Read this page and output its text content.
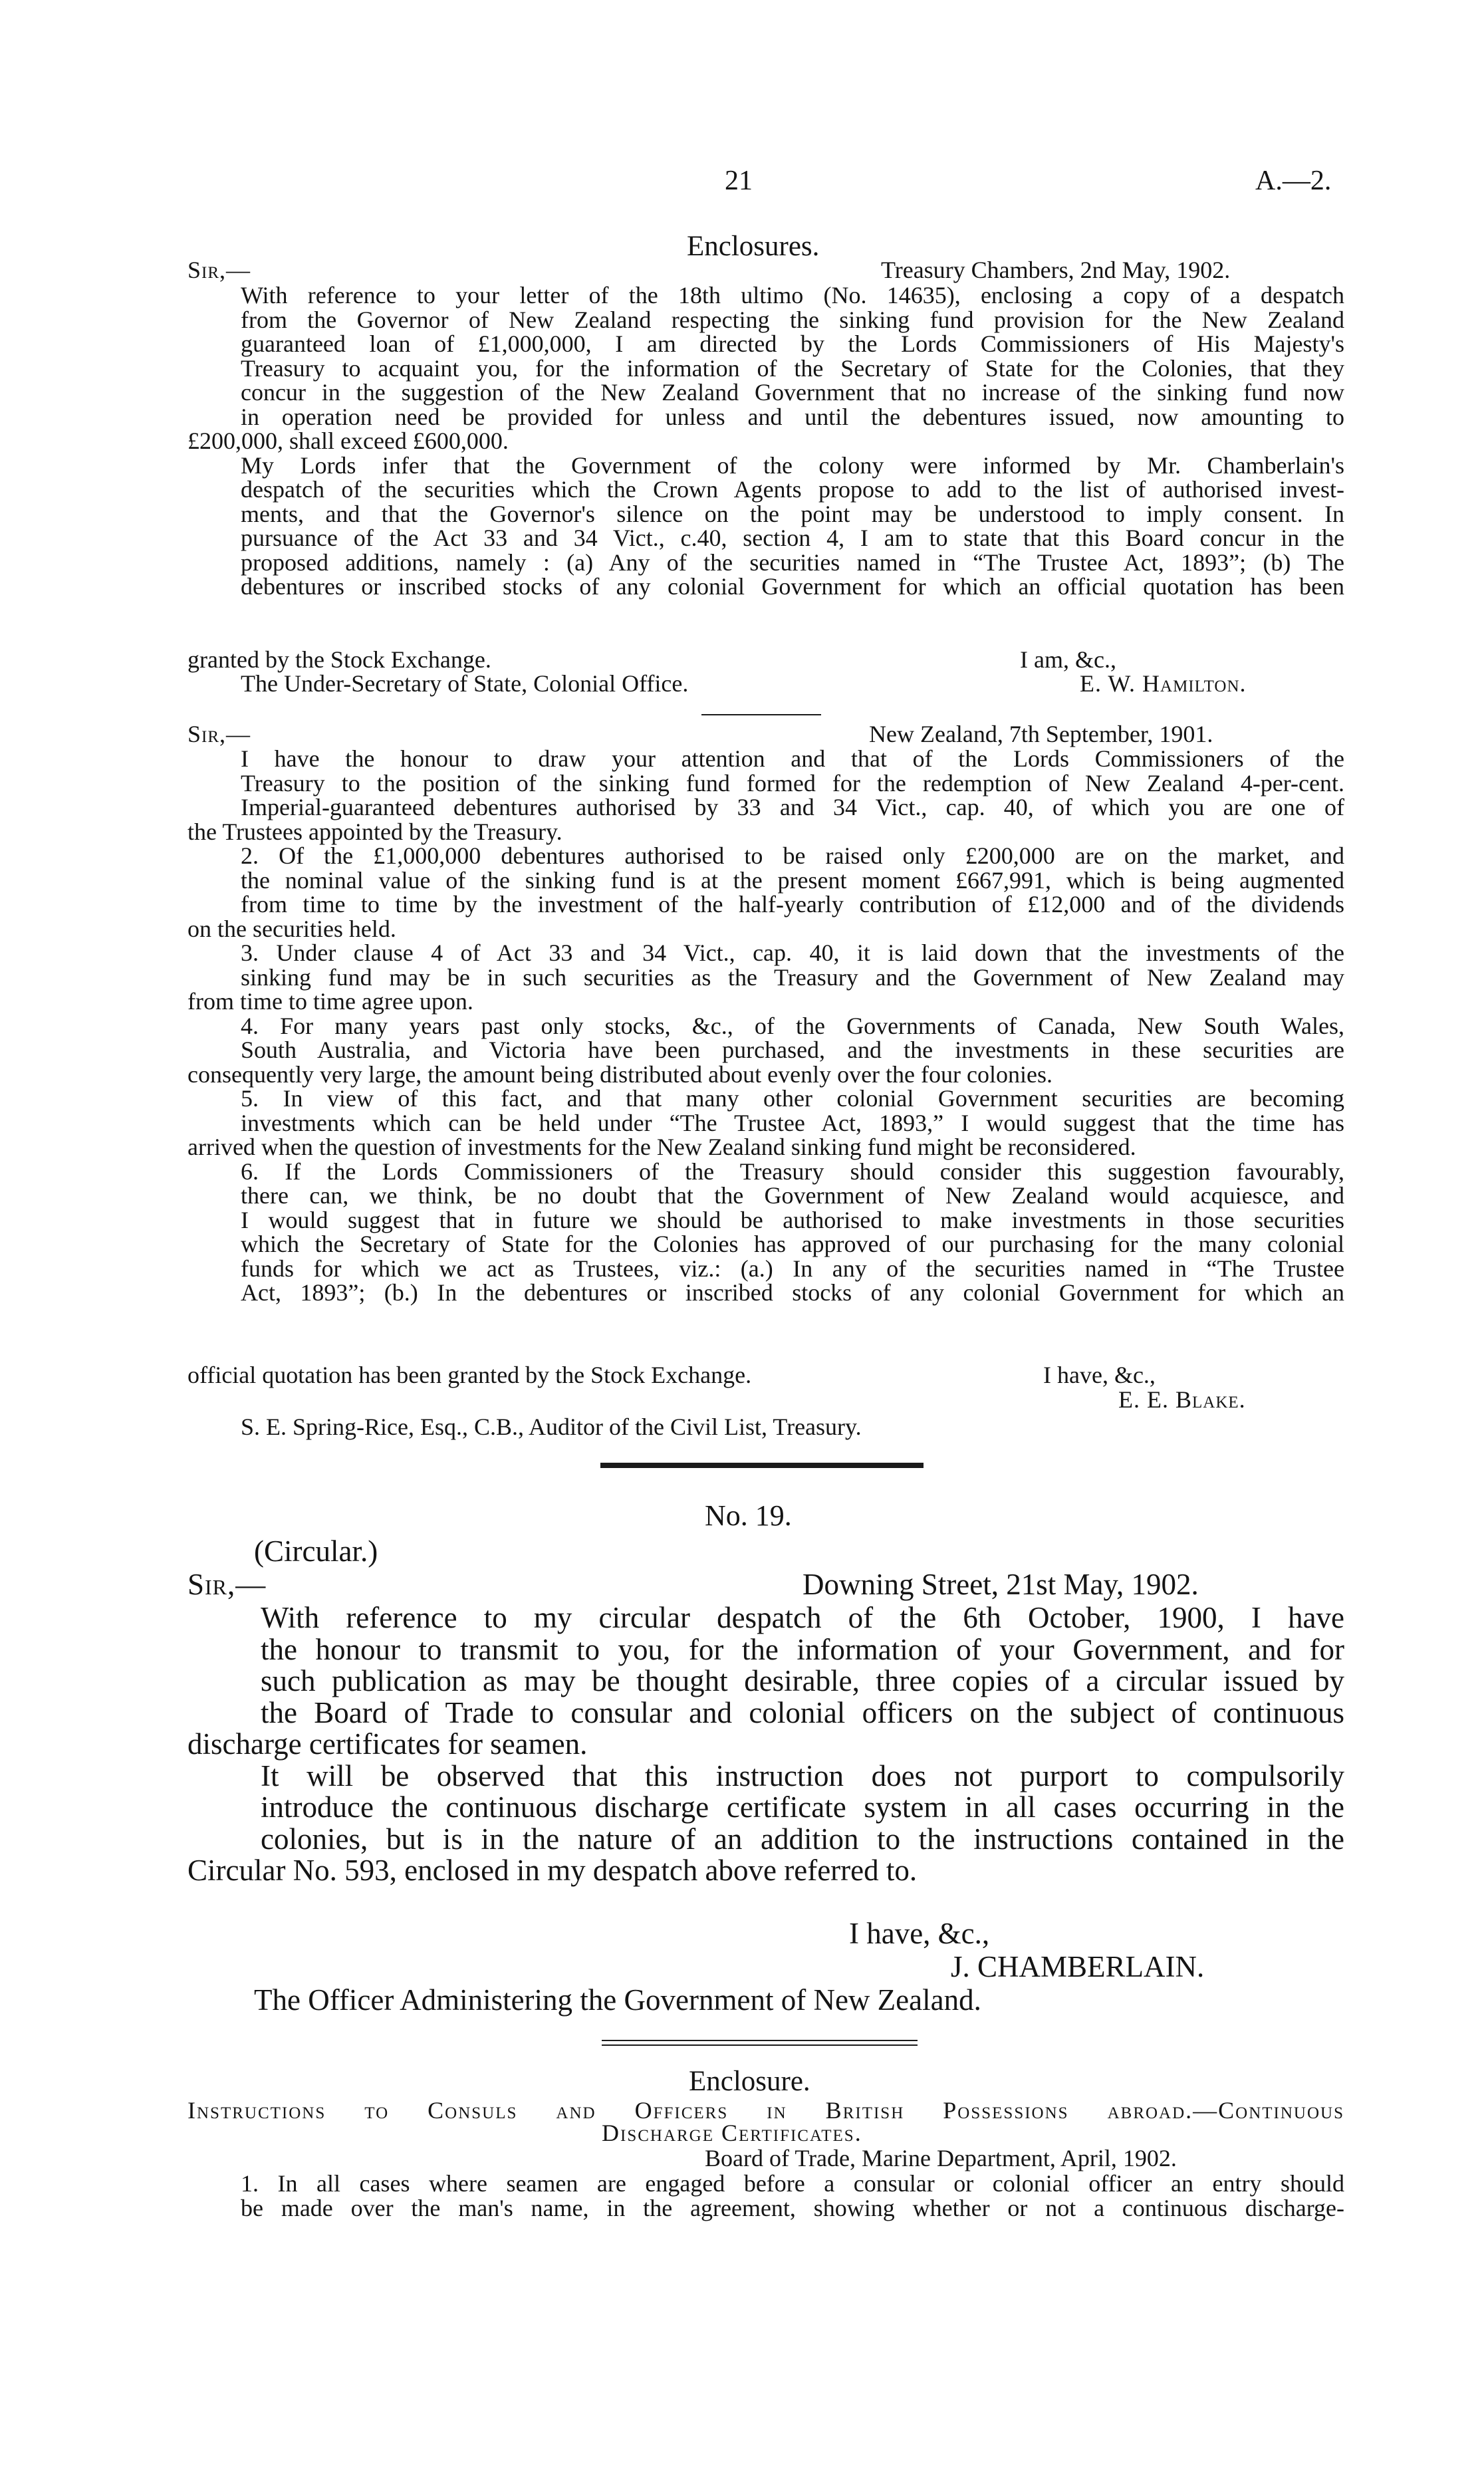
21	A.—2.
Enclosures.
Sir,—	Treasury Chambers, 2nd May, 1902.
With reference to your letter of the 18th ultimo (No. 14635), enclosing a copy of a despatch
from the Governor of New Zealand respecting the sinking fund provision for the New Zealand
guaranteed loan of £1,000,000, I am directed by the Lords Commissioners of His Majesty's
Treasury to acquaint you, for the information of the Secretary of State for the Colonies, that they
concur in the suggestion of the New Zealand Government that no increase of the sinking fund now
in operation need be provided for unless and until the debentures issued, now amounting to
£200,000, shall exceed £600,000.
My Lords infer that the Government of the colony were informed by Mr. Chamberlain's
despatch of the securities which the Crown Agents propose to add to the list of authorised invest-
ments, and that the Governor's silence on the point may be understood to imply consent. In
pursuance of the Act 33 and 34 Vict., c.40, section 4, I am to state that this Board concur in the
proposed additions, namely : (a) Any of the securities named in “The Trustee Act, 1893”; (b) The
debentures or inscribed stocks of any colonial Government for which an official quotation has been
granted by the Stock Exchange.	I am, &c.,
The Under-Secretary of State, Colonial Office.	E. W. Hamilton.
Sir,—	New Zealand, 7th September, 1901.
I have the honour to draw your attention and that of the Lords Commissioners of the
Treasury to the position of the sinking fund formed for the redemption of New Zealand 4-per-cent.
Imperial-guaranteed debentures authorised by 33 and 34 Vict., cap. 40, of which you are one of
the Trustees appointed by the Treasury.
2. Of the £1,000,000 debentures authorised to be raised only £200,000 are on the market, and
the nominal value of the sinking fund is at the present moment £667,991, which is being augmented
from time to time by the investment of the half-yearly contribution of £12,000 and of the dividends
on the securities held.
3. Under clause 4 of Act 33 and 34 Vict., cap. 40, it is laid down that the investments of the
sinking fund may be in such securities as the Treasury and the Government of New Zealand may
from time to time agree upon.
4. For many years past only stocks, &c., of the Governments of Canada, New South Wales,
South Australia, and Victoria have been purchased, and the investments in these securities are
consequently very large, the amount being distributed about evenly over the four colonies.
5. In view of this fact, and that many other colonial Government securities are becoming
investments which can be held under “The Trustee Act, 1893,” I would suggest that the time has
arrived when the question of investments for the New Zealand sinking fund might be reconsidered.
6. If the Lords Commissioners of the Treasury should consider this suggestion favourably,
there can, we think, be no doubt that the Government of New Zealand would acquiesce, and
I would suggest that in future we should be authorised to make investments in those securities
which the Secretary of State for the Colonies has approved of our purchasing for the many colonial
funds for which we act as Trustees, viz.: (a.) In any of the securities named in “The Trustee
Act, 1893”; (b.) In the debentures or inscribed stocks of any colonial Government for which an
official quotation has been granted by the Stock Exchange.	I have, &c.,
E. E. Blake.
S. E. Spring-Rice, Esq., C.B., Auditor of the Civil List, Treasury.
No. 19.
(Circular.)
Sir,—	Downing Street, 21st May, 1902.
With reference to my circular despatch of the 6th October, 1900, I have
the honour to transmit to you, for the information of your Government, and for
such publication as may be thought desirable, three copies of a circular issued by
the Board of Trade to consular and colonial officers on the subject of continuous
discharge certificates for seamen.
It will be observed that this instruction does not purport to compulsorily
introduce the continuous discharge certificate system in all cases occurring in the
colonies, but is in the nature of an addition to the instructions contained in the
Circular No. 593, enclosed in my despatch above referred to.
I have, &c.,
J. CHAMBERLAIN.
The Officer Administering the Government of New Zealand.
Enclosure.
Instructions to Consuls and Officers in British Possessions abroad.—Continuous
Discharge Certificates.
Board of Trade, Marine Department, April, 1902.
1. In all cases where seamen are engaged before a consular or colonial officer an entry should
be made over the man's name, in the agreement, showing whether or not a continuous discharge-
